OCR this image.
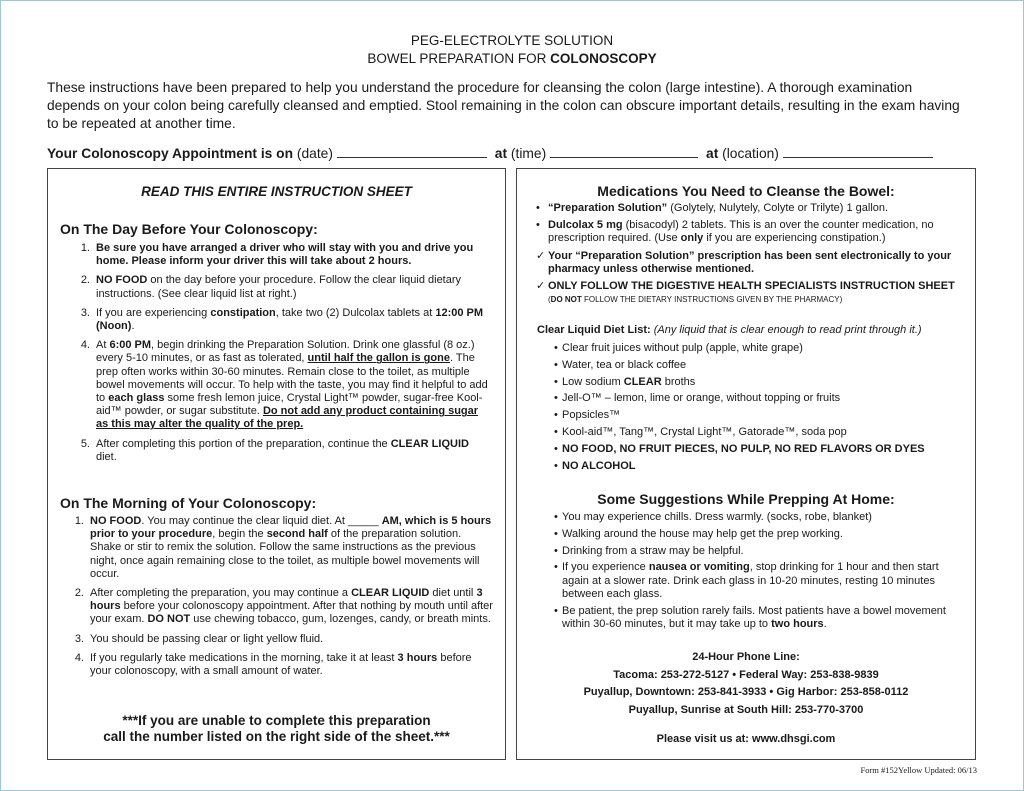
PEG-ELECTROLYTE SOLUTION
BOWEL PREPARATION FOR COLONOSCOPY
These instructions have been prepared to help you understand the procedure for cleansing the colon (large intestine). A thorough examination depends on your colon being carefully cleansed and emptied. Stool remaining in the colon can obscure important details, resulting in the exam having to be repeated at another time.
Your Colonoscopy Appointment is on (date)	at (time)	at (location)
READ THIS ENTIRE INSTRUCTION SHEET
On The Day Before Your Colonoscopy:
1. Be sure you have arranged a driver who will stay with you and drive you home. Please inform your driver this will take about 2 hours.
2. NO FOOD on the day before your procedure. Follow the clear liquid dietary instructions. (See clear liquid list at right.)
3. If you are experiencing constipation, take two (2) Dulcolax tablets at 12:00 PM (Noon).
4. At 6:00 PM, begin drinking the Preparation Solution. Drink one glassful (8 oz.) every 5-10 minutes, or as fast as tolerated, until half the gallon is gone. The prep often works within 30-60 minutes. Remain close to the toilet, as multiple bowel movements will occur. To help with the taste, you may find it helpful to add to each glass some fresh lemon juice, Crystal Light™ powder, sugar-free Kool-aid™ powder, or sugar substitute. Do not add any product containing sugar as this may alter the quality of the prep.
5. After completing this portion of the preparation, continue the CLEAR LIQUID diet.
On The Morning of Your Colonoscopy:
1. NO FOOD. You may continue the clear liquid diet. At _____ AM, which is 5 hours prior to your procedure, begin the second half of the preparation solution. Shake or stir to remix the solution. Follow the same instructions as the previous night, once again remaining close to the toilet, as multiple bowel movements will occur.
2. After completing the preparation, you may continue a CLEAR LIQUID diet until 3 hours before your colonoscopy appointment. After that nothing by mouth until after your exam. DO NOT use chewing tobacco, gum, lozenges, candy, or breath mints.
3. You should be passing clear or light yellow fluid.
4. If you regularly take medications in the morning, take it at least 3 hours before your colonoscopy, with a small amount of water.
***If you are unable to complete this preparation
call the number listed on the right side of the sheet.***
Medications You Need to Cleanse the Bowel:
• “Preparation Solution” (Golytely, Nulytely, Colyte or Trilyte) 1 gallon.
• Dulcolax 5 mg (bisacodyl) 2 tablets. This is an over the counter medication, no prescription required. (Use only if you are experiencing constipation.)
✓ Your “Preparation Solution” prescription has been sent electronically to your pharmacy unless otherwise mentioned.
✓ ONLY FOLLOW THE DIGESTIVE HEALTH SPECIALISTS INSTRUCTION SHEET (DO NOT FOLLOW THE DIETARY INSTRUCTIONS GIVEN BY THE PHARMACY)
Clear Liquid Diet List: (Any liquid that is clear enough to read print through it.)
• Clear fruit juices without pulp (apple, white grape)
• Water, tea or black coffee
• Low sodium CLEAR broths
• Jell-O™ – lemon, lime or orange, without topping or fruits
• Popsicles™
• Kool-aid™, Tang™, Crystal Light™, Gatorade™, soda pop
• NO FOOD, NO FRUIT PIECES, NO PULP, NO RED FLAVORS OR DYES
• NO ALCOHOL
Some Suggestions While Prepping At Home:
• You may experience chills. Dress warmly. (socks, robe, blanket)
• Walking around the house may help get the prep working.
• Drinking from a straw may be helpful.
• If you experience nausea or vomiting, stop drinking for 1 hour and then start again at a slower rate. Drink each glass in 10-20 minutes, resting 10 minutes between each glass.
• Be patient, the prep solution rarely fails. Most patients have a bowel movement within 30-60 minutes, but it may take up to two hours.
24-Hour Phone Line:
Tacoma: 253-272-5127 • Federal Way: 253-838-9839
Puyallup, Downtown: 253-841-3933 • Gig Harbor: 253-858-0112
Puyallup, Sunrise at South Hill: 253-770-3700
Please visit us at: www.dhsgi.com
Form #152Yellow Updated: 06/13
